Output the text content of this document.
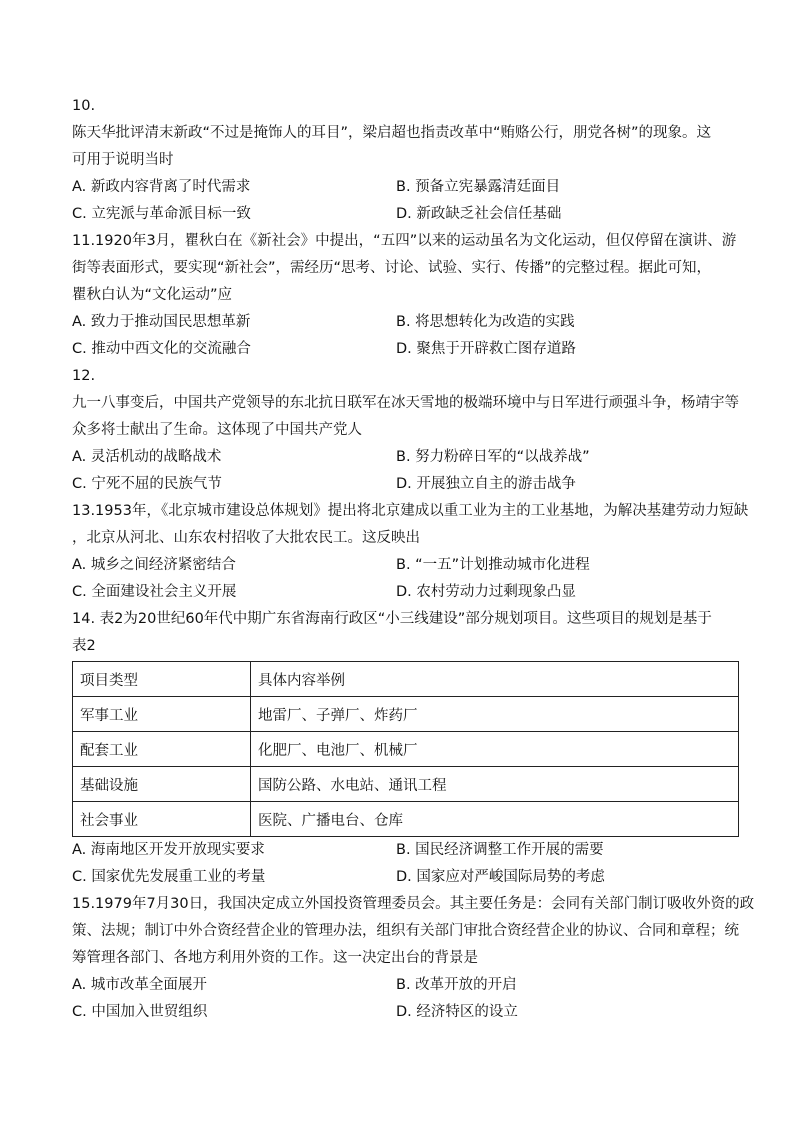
10.
陈天华批评清末新政“不过是掩饰人的耳目”，梁启超也指责改革中“贿赂公行，朋党各树”的现象。这
可用于说明当时
A. 新政内容背离了时代需求	B. 预备立宪暴露清廷面目
C. 立宪派与革命派目标一致	D. 新政缺乏社会信任基础
11.1920年3月，瞿秋白在《新社会》中提出，“五四”以来的运动虽名为文化运动，但仅停留在演讲、游
街等表面形式，要实现“新社会”，需经历“思考、讨论、试验、实行、传播”的完整过程。据此可知，
瞿秋白认为“文化运动”应
A. 致力于推动国民思想革新	B. 将思想转化为改造的实践
C. 推动中西文化的交流融合	D. 聚焦于开辟救亡图存道路
12.
九一八事变后，中国共产党领导的东北抗日联军在冰天雪地的极端环境中与日军进行顽强斗争，杨靖宇等
众多将士献出了生命。这体现了中国共产党人
A. 灵活机动的战略战术	B. 努力粉碎日军的“以战养战”
C. 宁死不屈的民族气节	D. 开展独立自主的游击战争
13.1953年，《北京城市建设总体规划》提出将北京建成以重工业为主的工业基地，为解决基建劳动力短缺
，北京从河北、山东农村招收了大批农民工。这反映出
A. 城乡之间经济紧密结合	B. “一五”计划推动城市化进程
C. 全面建设社会主义开展	D. 农村劳动力过剩现象凸显
14. 表2为20世纪60年代中期广东省海南行政区“小三线建设”部分规划项目。这些项目的规划是基于
表2
项目类型	具体内容举例
军事工业	地雷厂、子弹厂、炸药厂
配套工业	化肥厂、电池厂、机械厂
基础设施	国防公路、水电站、通讯工程
社会事业	医院、广播电台、仓库
A. 海南地区开发开放现实要求	B. 国民经济调整工作开展的需要
C. 国家优先发展重工业的考量	D. 国家应对严峻国际局势的考虑
15.1979年7月30日，我国决定成立外国投资管理委员会。其主要任务是：会同有关部门制订吸收外资的政
策、法规；制订中外合资经营企业的管理办法，组织有关部门审批合资经营企业的协议、合同和章程；统
筹管理各部门、各地方利用外资的工作。这一决定出台的背景是
A. 城市改革全面展开	B. 改革开放的开启
C. 中国加入世贸组织	D. 经济特区的设立
